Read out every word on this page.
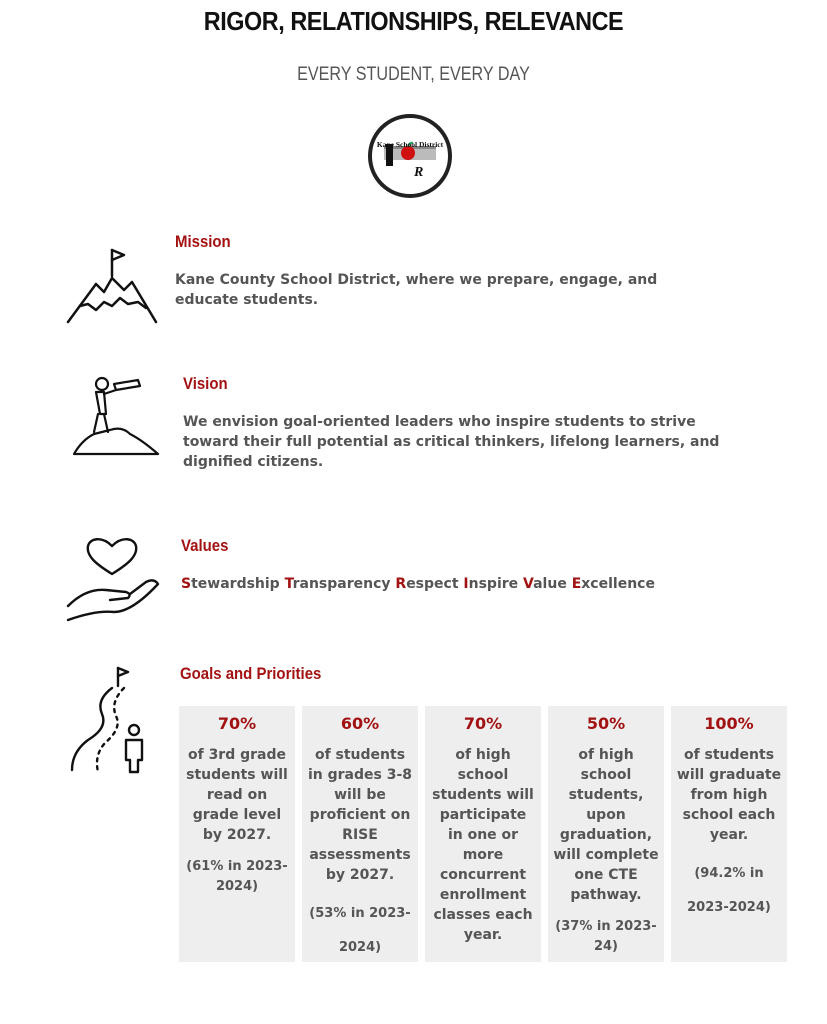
RIGOR, RELATIONSHIPS, RELEVANCE
EVERY STUDENT, EVERY DAY
R
Kane School District
Mission
Kane County School District, where we prepare, engage, and educate students.
Vision
We envision goal-oriented leaders who inspire students to strive toward their full potential as critical thinkers, lifelong learners, and dignified citizens.
Values
Stewardship Transparency Respect Inspire Value Excellence
Goals and Priorities
70%
of 3rd grade students will read on grade level by 2027.
(61% in 2023-2024)
60%
of students in grades 3-8 will be proficient on RISE assessments by 2027.
(53% in 2023-2024)
70%
of high school students will participate in one or more concurrent enrollment classes each year.
50%
of high school students, upon graduation, will complete one CTE pathway.
(37% in 2023-24)
100%
of students will graduate from high school each year.
(94.2% in 2023-2024)
